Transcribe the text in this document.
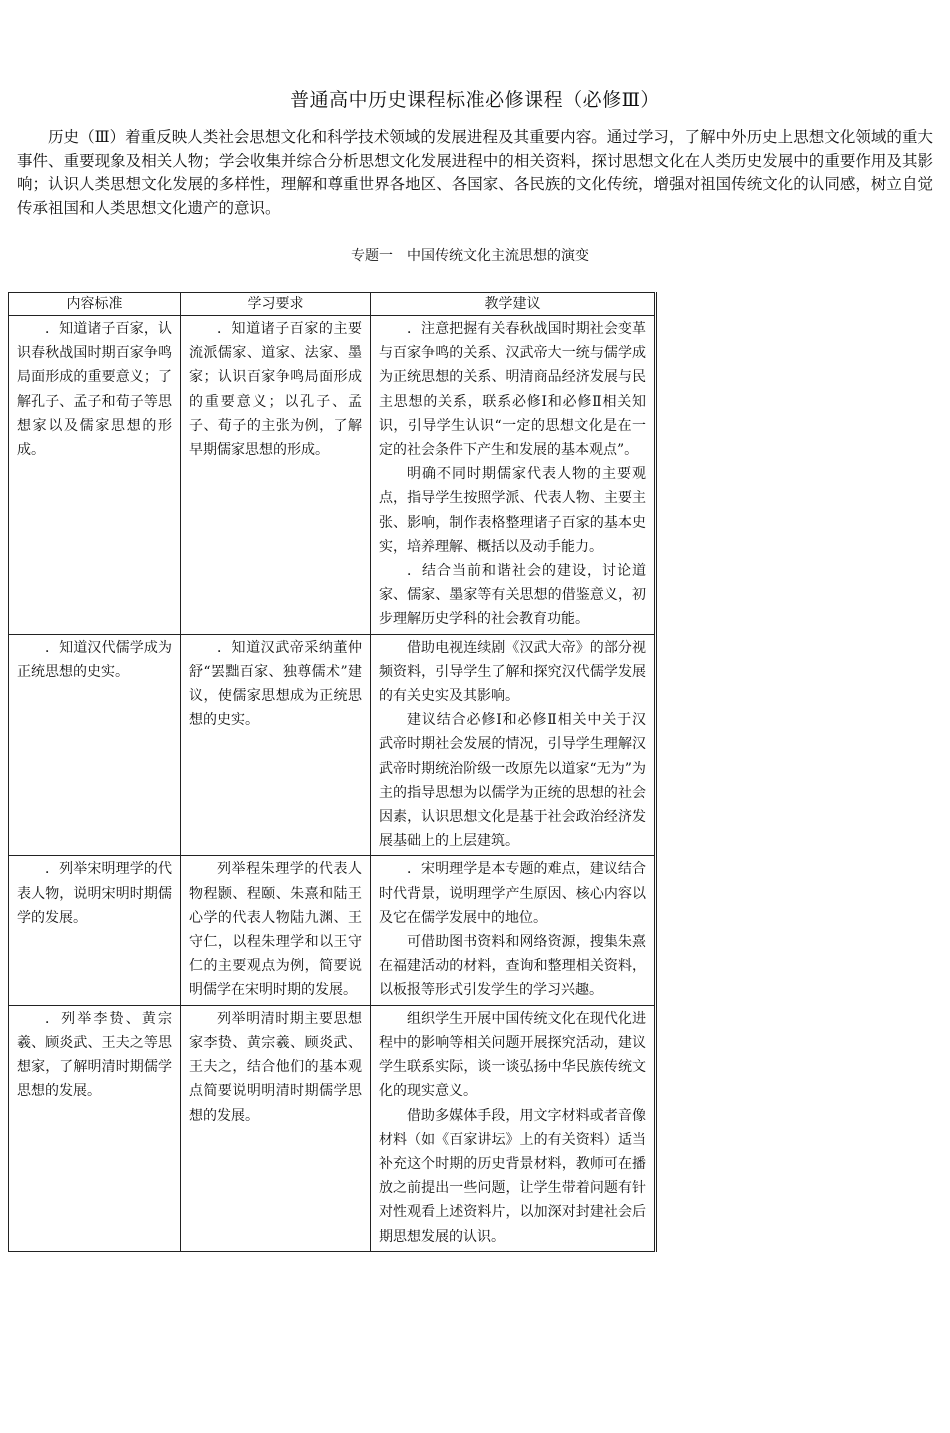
普通高中历史课程标准必修课程（必修Ⅲ）

历史（Ⅲ）着重反映人类社会思想文化和科学技术领域的发展进程及其重要内容。通过学习，了解中外历史上思想文化领域的重大事件、重要现象及相关人物；学会收集并综合分析思想文化发展进程中的相关资料，探讨思想文化在人类历史发展中的重要作用及其影响；认识人类思想文化发展的多样性，理解和尊重世界各地区、各国家、各民族的文化传统，增强对祖国传统文化的认同感，树立自觉传承祖国和人类思想文化遗产的意识。

专题一　中国传统文化主流思想的演变
内容标准	学习要求	教学建议

．知道诸子百家，认识春秋战国时期百家争鸣局面形成的重要意义；了解孔子、孟子和荀子等思想家以及儒家思想的形成。	．知道诸子百家的主要流派儒家、道家、法家、墨家；认识百家争鸣局面形成的重要意义；以孔子、孟子、荀子的主张为例，了解早期儒家思想的形成。	．注意把握有关春秋战国时期社会变革与百家争鸣的关系、汉武帝大一统与儒学成为正统思想的关系、明清商品经济发展与民主思想的关系，联系必修Ⅰ和必修Ⅱ相关知识，引导学生认识“一定的思想文化是在一定的社会条件下产生和发展的基本观点”。

明确不同时期儒家代表人物的主要观点，指导学生按照学派、代表人物、主要主张、影响，制作表格整理诸子百家的基本史实，培养理解、概括以及动手能力。

．结合当前和谐社会的建设，讨论道家、儒家、墨家等有关思想的借鉴意义，初步理解历史学科的社会教育功能。

．知道汉代儒学成为正统思想的史实。	．知道汉武帝采纳董仲舒“罢黜百家、独尊儒术”建议，使儒家思想成为正统思想的史实。	借助电视连续剧《汉武大帝》的部分视频资料，引导学生了解和探究汉代儒学发展的有关史实及其影响。

建议结合必修Ⅰ和必修Ⅱ相关中关于汉武帝时期社会发展的情况，引导学生理解汉武帝时期统治阶级一改原先以道家“无为”为主的指导思想为以儒学为正统的思想的社会因素，认识思想文化是基于社会政治经济发展基础上的上层建筑。

．列举宋明理学的代表人物，说明宋明时期儒学的发展。	列举程朱理学的代表人物程颢、程颐、朱熹和陆王心学的代表人物陆九渊、王守仁，以程朱理学和以王守仁的主要观点为例，简要说明儒学在宋明时期的发展。	．宋明理学是本专题的难点，建议结合时代背景，说明理学产生原因、核心内容以及它在儒学发展中的地位。

可借助图书资料和网络资源，搜集朱熹在福建活动的材料，查询和整理相关资料，以板报等形式引发学生的学习兴趣。

．列举李贽、黄宗羲、顾炎武、王夫之等思想家，了解明清时期儒学思想的发展。	列举明清时期主要思想家李贽、黄宗羲、顾炎武、王夫之，结合他们的基本观点简要说明明清时期儒学思想的发展。	组织学生开展中国传统文化在现代化进程中的影响等相关问题开展探究活动，建议学生联系实际，谈一谈弘扬中华民族传统文化的现实意义。

借助多媒体手段，用文字材料或者音像材料（如《百家讲坛》上的有关资料）适当补充这个时期的历史背景材料，教师可在播放之前提出一些问题，让学生带着问题有针对性观看上述资料片，以加深对封建社会后期思想发展的认识。
